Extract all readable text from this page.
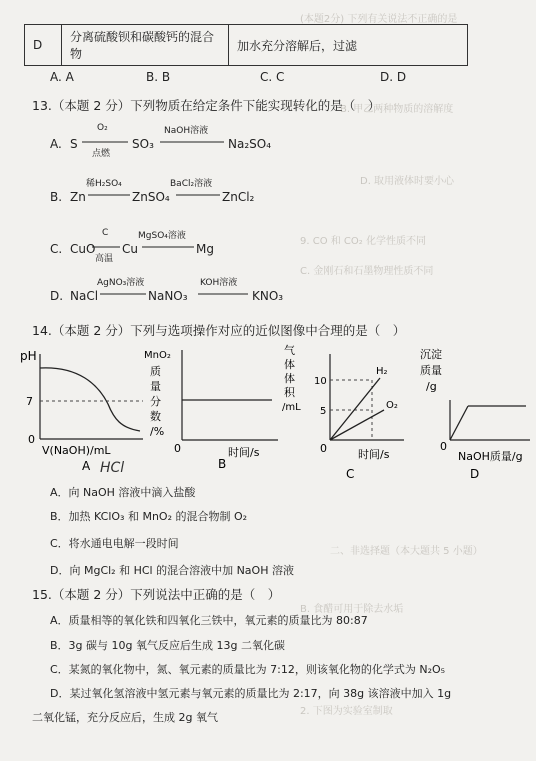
(本题2分) 下列有关说法不正确的是
B. 甲乙两种物质的溶解度
D. 取用液体时要小心
9. CO 和 CO₂ 化学性质不同
C. 金刚石和石墨物理性质不同
二、非选择题（本大题共 5 小题）
B. 食醋可用于除去水垢
2. 下图为实验室制取
D	分离硫酸钡和碳酸钙的混合物	加水充分溶解后，过滤
A. A	B. B	C. C	D. D
13.（本题 2 分）下列物质在给定条件下能实现转化的是（　）
A. S
O₂
点燃
SO₃
NaOH溶液
Na₂SO₄
B. Zn
稀H₂SO₄
ZnSO₄
BaCl₂溶液
ZnCl₂
C. CuO
C
高温
Cu
MgSO₄溶液
Mg
D. NaCl
AgNO₃溶液
NaNO₃
KOH溶液
KNO₃
14.（本题 2 分）下列与选项操作对应的近似图像中合理的是（　）
pH
7
0
V(NaOH)/mL
A HCl
MnO₂
质
量
分
数
/%
0	时间/s
B
气
体
体
积
/mL
10
5
0
H₂
O₂
时间/s
C
沉淀
质量
/g
0
NaOH质量/g
D
A．向 NaOH 溶液中滴入盐酸
B．加热 KClO₃ 和 MnO₂ 的混合物制 O₂
C．将水通电电解一段时间
D．向 MgCl₂ 和 HCl 的混合溶液中加 NaOH 溶液
15.（本题 2 分）下列说法中正确的是（　）
A．质量相等的氧化铁和四氧化三铁中，氧元素的质量比为 80:87
B．3g 碳与 10g 氧气反应后生成 13g 二氧化碳
C．某氮的氧化物中，氮、氧元素的质量比为 7:12，则该氧化物的化学式为 N₂O₅
D．某过氧化氢溶液中氢元素与氧元素的质量比为 2:17，向 38g 该溶液中加入 1g
二氧化锰，充分反应后，生成 2g 氧气
